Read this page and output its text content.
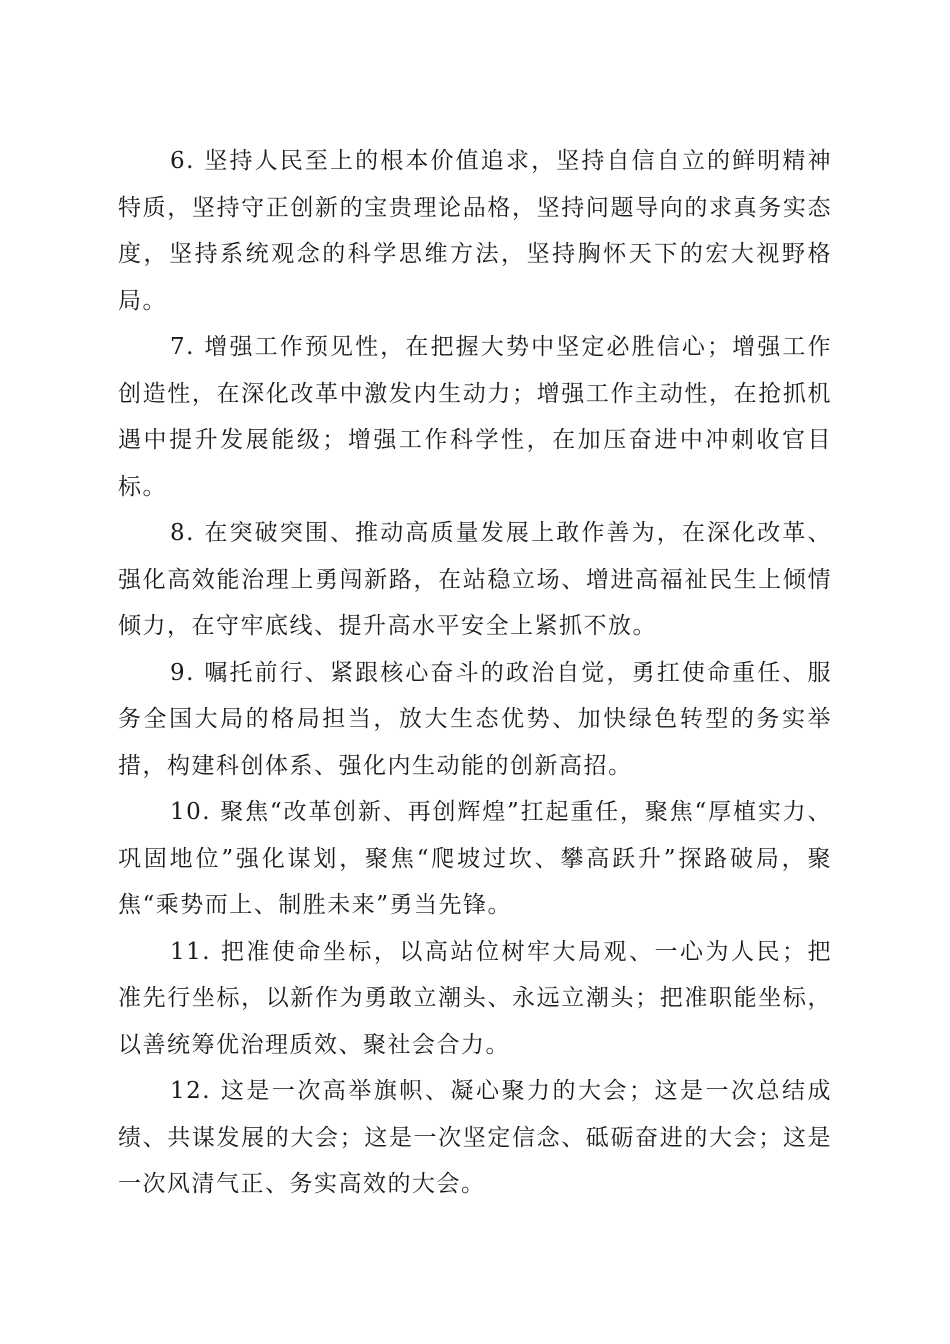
6. 坚持人民至上的根本价值追求，坚持自信自立的鲜明精神特质，坚持守正创新的宝贵理论品格，坚持问题导向的求真务实态度，坚持系统观念的科学思维方法，坚持胸怀天下的宏大视野格局。

7. 增强工作预见性，在把握大势中坚定必胜信心；增强工作创造性，在深化改革中激发内生动力；增强工作主动性，在抢抓机遇中提升发展能级；增强工作科学性，在加压奋进中冲刺收官目标。

8. 在突破突围、推动高质量发展上敢作善为，在深化改革、强化高效能治理上勇闯新路，在站稳立场、增进高福祉民生上倾情倾力，在守牢底线、提升高水平安全上紧抓不放。

9. 嘱托前行、紧跟核心奋斗的政治自觉，勇扛使命重任、服务全国大局的格局担当，放大生态优势、加快绿色转型的务实举措，构建科创体系、强化内生动能的创新高招。

10. 聚焦“改革创新、再创辉煌”扛起重任，聚焦“厚植实力、巩固地位”强化谋划，聚焦“爬坡过坎、攀高跃升”探路破局，聚焦“乘势而上、制胜未来”勇当先锋。

11. 把准使命坐标，以高站位树牢大局观、一心为人民；把准先行坐标，以新作为勇敢立潮头、永远立潮头；把准职能坐标，以善统筹优治理质效、聚社会合力。

12. 这是一次高举旗帜、凝心聚力的大会；这是一次总结成绩、共谋发展的大会；这是一次坚定信念、砥砺奋进的大会；这是一次风清气正、务实高效的大会。
